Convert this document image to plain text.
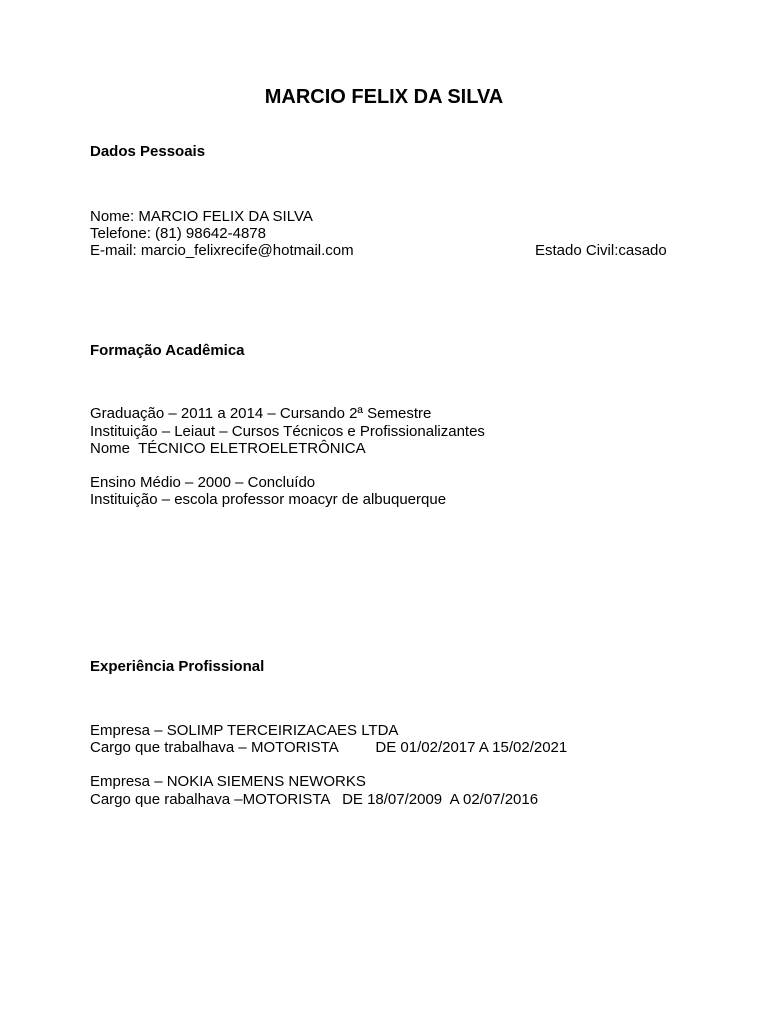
MARCIO FELIX DA SILVA

Dados Pessoais

Nome: MARCIO FELIX DA SILVA

Telefone: (81) 98642-4878

E-mail: marcio_felixrecife@hotmail.com	Estado Civil:casado

Formação Acadêmica

Graduação – 2011 a 2014 – Cursando 2ª Semestre

Instituição – Leiaut – Cursos Técnicos e Profissionalizantes

Nome  TÉCNICO ELETROELETRÔNICA

Ensino Médio – 2000 – Concluído

Instituição – escola professor moacyr de albuquerque

Experiência Profissional

Empresa – SOLIMP TERCEIRIZACAES LTDA

Cargo que trabalhava – MOTORISTA         DE 01/02/2017 A 15/02/2021

Empresa – NOKIA SIEMENS NEWORKS

Cargo que rabalhava –MOTORISTA   DE 18/07/2009  A 02/07/2016
